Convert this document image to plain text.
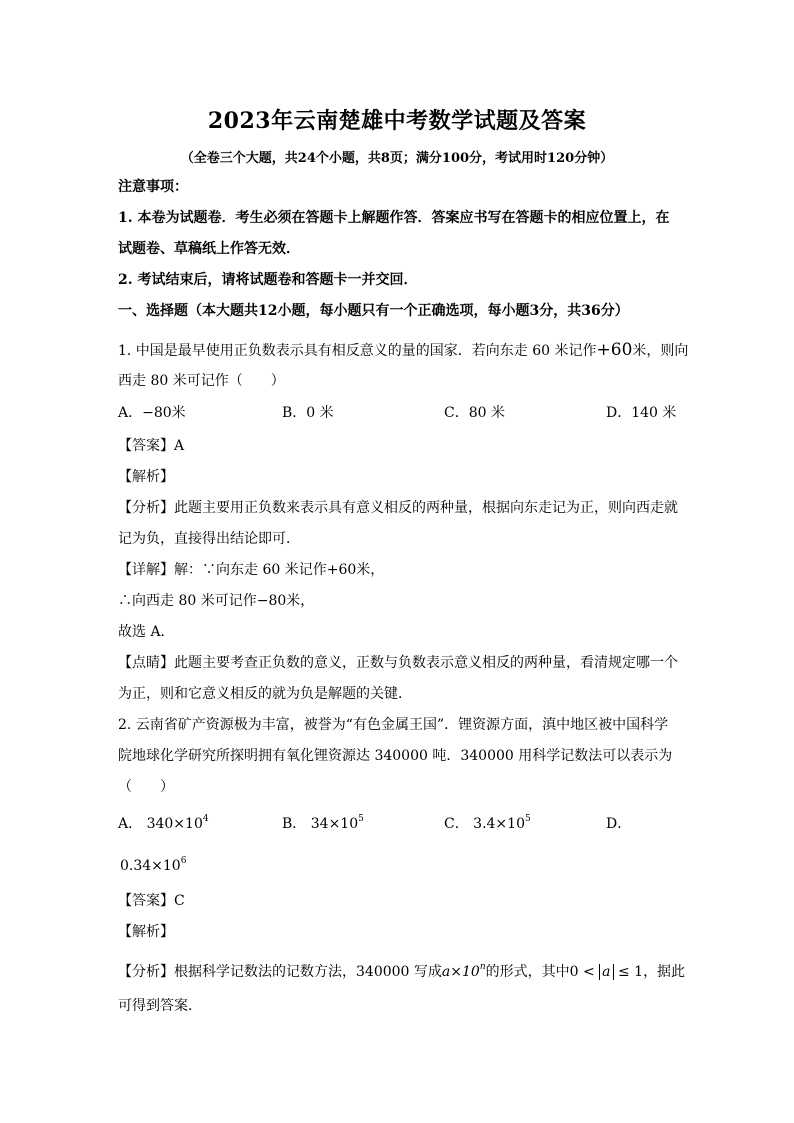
2023年云南楚雄中考数学试题及答案
（全卷三个大题，共24个小题，共8页；满分100分，考试用时120分钟）
注意事项：
1. 本卷为试题卷．考生必须在答题卡上解题作答．答案应书写在答题卡的相应位置上，在
试题卷、草稿纸上作答无效．
2. 考试结束后，请将试题卷和答题卡一并交回．
一、选择题（本大题共12小题，每小题只有一个正确选项，每小题3分，共36分）
1. 中国是最早使用正负数表示具有相反意义的量的国家．若向东走 60 米记作+60米，则向
西走 80 米可记作（　　）
A．−80米	B．0 米	C．80 米	D．140 米
【答案】A
【解析】
【分析】此题主要用正负数来表示具有意义相反的两种量，根据向东走记为正，则向西走就
记为负，直接得出结论即可．
【详解】解：∵向东走 60 米记作+60米，
∴向西走 80 米可记作−80米，
故选 A．
【点睛】此题主要考查正负数的意义，正数与负数表示意义相反的两种量，看清规定哪一个
为正，则和它意义相反的就为负是解题的关键．
2. 云南省矿产资源极为丰富，被誉为“有色金属王国”．锂资源方面，滇中地区被中国科学
院地球化学研究所探明拥有氧化锂资源达 340000 吨．340000 用科学记数法可以表示为
（　　）
A． $340\times 10^4$	B． $34\times 10^5$	C． $3.4\times 10^5$	D．
$0.34\times 10^6$
【答案】C
【解析】
【分析】根据科学记数法的记数方法，340000 写成$a\times 10^n$的形式，其中0 < a ≤ 1，据此
可得到答案．
